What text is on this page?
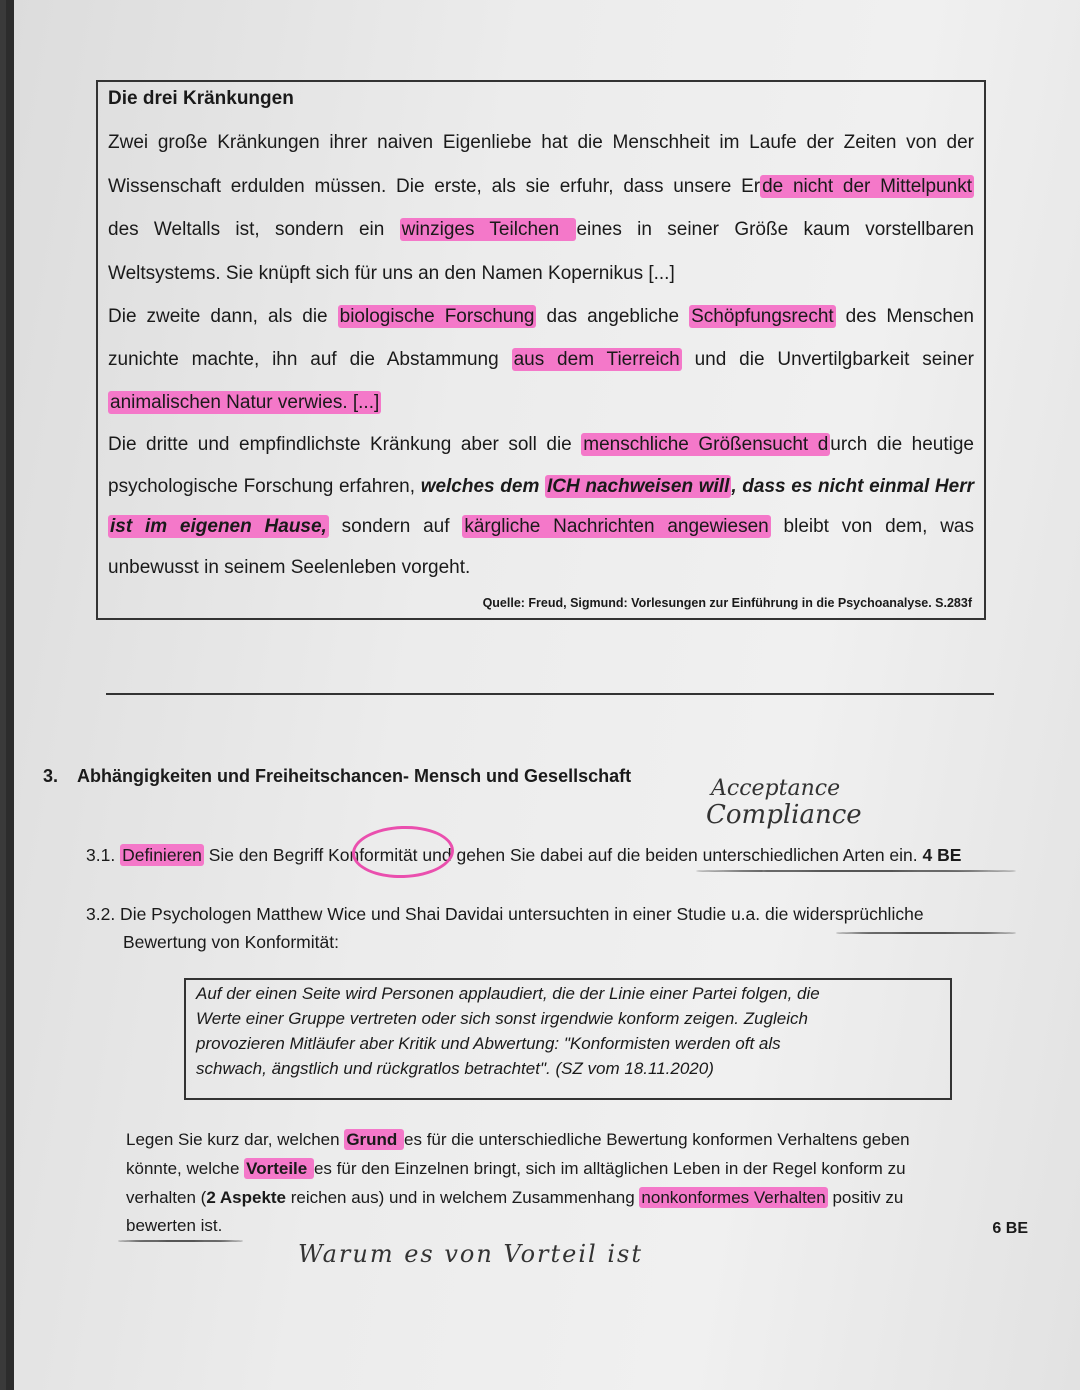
Die drei Kränkungen
Zwei große Kränkungen ihrer naiven Eigenliebe hat die Menschheit im Laufe der Zeiten von der
Wissenschaft erdulden müssen. Die erste, als sie erfuhr, dass unsere Er de nicht der Mittelpunkt
des Weltalls ist, sondern ein winziges Teilchen eines in seiner Größe kaum vorstellbaren
Weltsystems. Sie knüpft sich für uns an den Namen Kopernikus [...]
Die zweite dann, als die biologische Forschung das angebliche Schöpfungsrecht des Menschen
zunichte machte, ihn auf die Abstammung aus dem Tierreich und die Unvertilgbarkeit seiner
animalischen Natur verwies. [...]
Die dritte und empfindlichste Kränkung aber soll die menschliche Größensucht d urch die heutige
psychologische Forschung erfahren, welches dem ICH nachweisen will , dass es nicht einmal Herr
ist im eigenen Hause, sondern auf kärgliche Nachrichten angewiesen bleibt von dem, was
unbewusst in seinem Seelenleben vorgeht.
Quelle: Freud, Sigmund: Vorlesungen zur Einführung in die Psychoanalyse. S.283f
3. Abhängigkeiten und Freiheitschancen- Mensch und Gesellschaft	Acceptance
Compliance
3.1. Definieren Sie den Begriff Konformität und gehen Sie dabei auf die beiden unterschiedlichen Arten ein. 4 BE
3.2. Die Psychologen Matthew Wice und Shai Davidai untersuchten in einer Studie u.a. die widersprüchliche
Bewertung von Konformität:
Auf der einen Seite wird Personen applaudiert, die der Linie einer Partei folgen, die
Werte einer Gruppe vertreten oder sich sonst irgendwie konform zeigen. Zugleich
provozieren Mitläufer aber Kritik und Abwertung: "Konformisten werden oft als
schwach, ängstlich und rückgratlos betrachtet". (SZ vom 18.11.2020)
Legen Sie kurz dar, welchen Grund es für die unterschiedliche Bewertung konformen Verhaltens geben
könnte, welche Vorteile es für den Einzelnen bringt, sich im alltäglichen Leben in der Regel konform zu
verhalten (2 Aspekte reichen aus) und in welchem Zusammenhang nonkonformes Verhalten positiv zu
bewerten ist.	6 BE
Warum es von Vorteil ist
